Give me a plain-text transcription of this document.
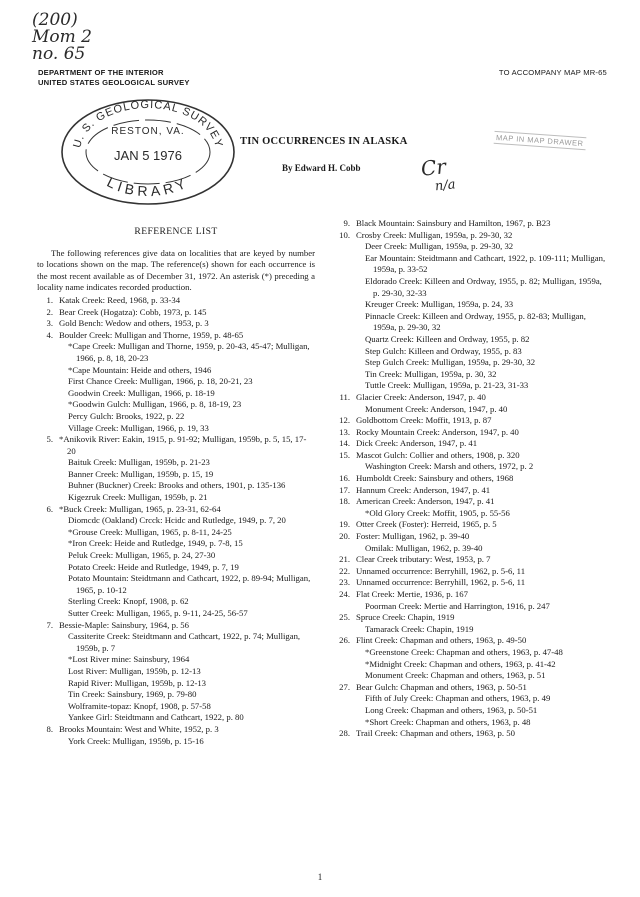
(200)
Mom 2
no. 65
Cr
n/a
DEPARTMENT OF THE INTERIOR
UNITED STATES GEOLOGICAL SURVEY
TO ACCOMPANY MAP MR-65
U. S. GEOLOGICAL SURVEY
RESTON, VA.
JAN 5 1976
LIBRARY
TIN OCCURRENCES IN ALASKA
By Edward H. Cobb
MAP IN MAP DRAWER
REFERENCE LIST
The following references give data on localities that are keyed by number to locations shown on the map. The reference(s) shown for each occurrence is the most recent available as of December 31, 1972. An asterisk (*) preceding a locality name indicates recorded production.
1. Katak Creek: Reed, 1968, p. 33-34
2. Bear Creek (Hogatza): Cobb, 1973, p. 145
3. Gold Bench: Wedow and others, 1953, p. 3
4. Boulder Creek: Mulligan and Thorne, 1959, p. 48-65
*Cape Creek: Mulligan and Thorne, 1959, p. 20-43, 45-47; Mulligan, 1966, p. 8, 18, 20-23
*Cape Mountain: Heide and others, 1946
First Chance Creek: Mulligan, 1966, p. 18, 20-21, 23
Goodwin Creek: Mulligan, 1966, p. 18-19
*Goodwin Gulch: Mulligan, 1966, p. 8, 18-19, 23
Percy Gulch: Brooks, 1922, p. 22
Village Creek: Mulligan, 1966, p. 19, 33
5. *Anikovik River: Eakin, 1915, p. 91-92; Mulligan, 1959b, p. 5, 15, 17-20
Baituk Creek: Mulligan, 1959b, p. 21-23
Banner Creek: Mulligan, 1959b, p. 15, 19
Buhner (Buckner) Creek: Brooks and others, 1901, p. 135-136
Kigezruk Creek: Mulligan, 1959b, p. 21
6. *Buck Creek: Mulligan, 1965, p. 23-31, 62-64
Diomcdc (Oakland) Crcck: Hcidc and Rutledge, 1949, p. 7, 20
*Grouse Creek: Mulligan, 1965, p. 8-11, 24-25
*Iron Creek: Heide and Rutledge, 1949, p. 7-8, 15
Peluk Creek: Mulligan, 1965, p. 24, 27-30
Potato Creek: Heide and Rutledge, 1949, p. 7, 19
Potato Mountain: Steidtmann and Cathcart, 1922, p. 89-94; Mulligan, 1965, p. 10-12
Sterling Creek: Knopf, 1908, p. 62
Sutter Creek: Mulligan, 1965, p. 9-11, 24-25, 56-57
7. Bessie-Maple: Sainsbury, 1964, p. 56
Cassiterite Creek: Steidtmann and Cathcart, 1922, p. 74; Mulligan, 1959b, p. 7
*Lost River mine: Sainsbury, 1964
Lost River: Mulligan, 1959b, p. 12-13
Rapid River: Mulligan, 1959b, p. 12-13
Tin Creek: Sainsbury, 1969, p. 79-80
Wolframite-topaz: Knopf, 1908, p. 57-58
Yankee Girl: Steidtmann and Cathcart, 1922, p. 80
8. Brooks Mountain: West and White, 1952, p. 3
York Creek: Mulligan, 1959b, p. 15-16
9. Black Mountain: Sainsbury and Hamilton, 1967, p. B23
10. Crosby Creek: Mulligan, 1959a, p. 29-30, 32
Deer Creek: Mulligan, 1959a, p. 29-30, 32
Ear Mountain: Steidtmann and Cathcart, 1922, p. 109-111; Mulligan, 1959a, p. 33-52
Eldorado Creek: Killeen and Ordway, 1955, p. 82; Mulligan, 1959a, p. 29-30, 32-33
Kreuger Creek: Mulligan, 1959a, p. 24, 33
Pinnacle Creek: Killeen and Ordway, 1955, p. 82-83; Mulligan, 1959a, p. 29-30, 32
Quartz Creek: Killeen and Ordway, 1955, p. 82
Step Gulch: Killeen and Ordway, 1955, p. 83
Step Gulch Creek: Mulligan, 1959a, p. 29-30, 32
Tin Creek: Mulligan, 1959a, p. 30, 32
Tuttle Creek: Mulligan, 1959a, p. 21-23, 31-33
11. Glacier Creek: Anderson, 1947, p. 40
Monument Creek: Anderson, 1947, p. 40
12. Goldbottom Creek: Moffit, 1913, p. 87
13. Rocky Mountain Creek: Anderson, 1947, p. 40
14. Dick Creek: Anderson, 1947, p. 41
15. Mascot Gulch: Collier and others, 1908, p. 320
Washington Creek: Marsh and others, 1972, p. 2
16. Humboldt Creek: Sainsbury and others, 1968
17. Hannum Creek: Anderson, 1947, p. 41
18. American Creek: Anderson, 1947, p. 41
*Old Glory Creek: Moffit, 1905, p. 55-56
19. Otter Creek (Foster): Herreid, 1965, p. 5
20. Foster: Mulligan, 1962, p. 39-40
Omilak: Mulligan, 1962, p. 39-40
21. Clear Creek tributary: West, 1953, p. 7
22. Unnamed occurrence: Berryhill, 1962, p. 5-6, 11
23. Unnamed occurrence: Berryhill, 1962, p. 5-6, 11
24. Flat Creek: Mertie, 1936, p. 167
Poorman Creek: Mertie and Harrington, 1916, p. 247
25. Spruce Creek: Chapin, 1919
Tamarack Creek: Chapin, 1919
26. Flint Creek: Chapman and others, 1963, p. 49-50
*Greenstone Creek: Chapman and others, 1963, p. 47-48
*Midnight Creek: Chapman and others, 1963, p. 41-42
Monument Creek: Chapman and others, 1963, p. 51
27. Bear Gulch: Chapman and others, 1963, p. 50-51
Fifth of July Creek: Chapman and others, 1963, p. 49
Long Creek: Chapman and others, 1963, p. 50-51
*Short Creek: Chapman and others, 1963, p. 48
28. Trail Creek: Chapman and others, 1963, p. 50
1
